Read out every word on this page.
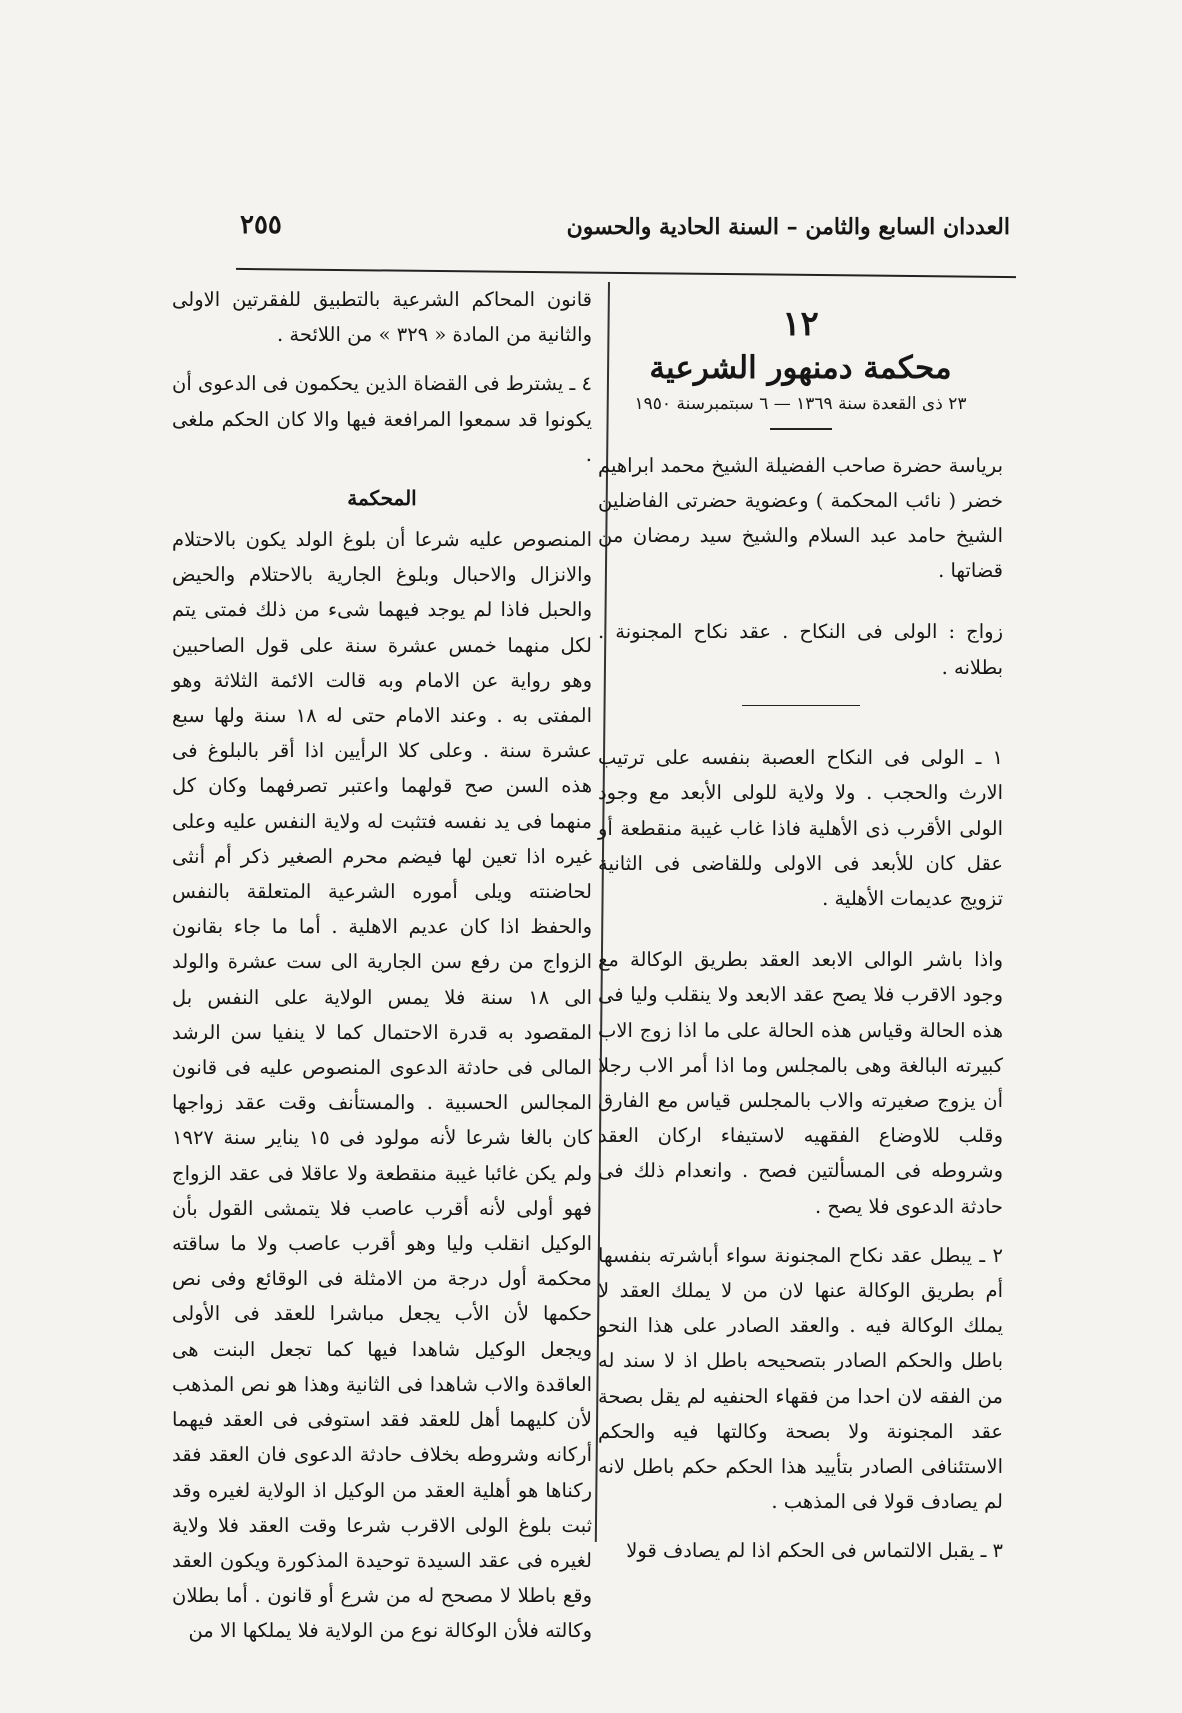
العددان السابع والثامن – السنة الحادية والحسون
٢٥٥
١٢
محكمة دمنهور الشرعية
٢٣ ذى القعدة سنة ١٣٦٩ — ٦ سبتمبرسنة ١٩٥٠

برياسة حضرة صاحب الفضيلة الشيخ محمد ابراهيم خضر ( نائب المحكمة ) وعضوية حضرتى الفاضلين الشيخ حامد عبد السلام والشيخ سيد رمضان من قضاتها .

زواج : الولى فى النكاح . عقد نكاح المجنونة . بطلانه .

١ ـ الولى فى النكاح العصبة بنفسه على ترتيب الارث والحجب . ولا ولاية للولى الأبعد مع وجود الولى الأقرب ذى الأهلية فاذا غاب غيبة منقطعة أو عقل كان للأبعد فى الاولى وللقاضى فى الثانية تزويج عديمات الأهلية .

واذا باشر الوالى الابعد العقد بطريق الوكالة مع وجود الاقرب فلا يصح عقد الابعد ولا ينقلب وليا فى هذه الحالة وقياس هذه الحالة على ما اذا زوج الاب كبيرته البالغة وهى بالمجلس وما اذا أمر الاب رجلا أن يزوج صغيرته والاب بالمجلس قياس مع الفارق وقلب للاوضاع الفقهيه لاستيفاء اركان العقد وشروطه فى المسألتين فصح . وانعدام ذلك فى حادثة الدعوى فلا يصح .

٢ ـ يبطل عقد نكاح المجنونة سواء أباشرته بنفسها أم بطريق الوكالة عنها لان من لا يملك العقد لا يملك الوكالة فيه . والعقد الصادر على هذا النحو باطل والحكم الصادر بتصحيحه باطل اذ لا سند له من الفقه لان احدا من فقهاء الحنفيه لم يقل بصحة عقد المجنونة ولا بصحة وكالتها فيه والحكم الاستئنافى الصادر بتأييد هذا الحكم حكم باطل لانه لم يصادف قولا فى المذهب .

٣ ـ يقبل الالتماس فى الحكم اذا لم يصادف قولا

قانون المحاكم الشرعية بالتطبيق للفقرتين الاولى والثانية من المادة « ٣٢٩ » من اللائحة .

٤ ـ يشترط فى القضاة الذين يحكمون فى الدعوى أن يكونوا قد سمعوا المرافعة فيها والا كان الحكم ملغى .

المحكمة

المنصوص عليه شرعا أن بلوغ الولد يكون بالاحتلام والانزال والاحبال وبلوغ الجارية بالاحتلام والحيض والحبل فاذا لم يوجد فيهما شىء من ذلك فمتى يتم لكل منهما خمس عشرة سنة على قول الصاحبين وهو رواية عن الامام وبه قالت الائمة الثلاثة وهو المفتى به . وعند الامام حتى له ١٨ سنة ولها سبع عشرة سنة . وعلى كلا الرأيين اذا أقر بالبلوغ فى هذه السن صح قولهما واعتبر تصرفهما وكان كل منهما فى يد نفسه فتثبت له ولاية النفس عليه وعلى غيره اذا تعين لها فيضم محرم الصغير ذكر أم أنثى لحاضنته ويلى أموره الشرعية المتعلقة بالنفس والحفظ اذا كان عديم الاهلية . أما ما جاء بقانون الزواج من رفع سن الجارية الى ست عشرة والولد الى ١٨ سنة فلا يمس الولاية على النفس بل المقصود به قدرة الاحتمال كما لا ينفيا سن الرشد المالى فى حادثة الدعوى المنصوص عليه فى قانون المجالس الحسبية . والمستأنف وقت عقد زواجها كان بالغا شرعا لأنه مولود فى ١٥ يناير سنة ١٩٢٧ ولم يكن غائبا غيبة منقطعة ولا عاقلا فى عقد الزواج فهو أولى لأنه أقرب عاصب فلا يتمشى القول بأن الوكيل انقلب وليا وهو أقرب عاصب ولا ما ساقته محكمة أول درجة من الامثلة فى الوقائع وفى نص حكمها لأن الأب يجعل مباشرا للعقد فى الأولى ويجعل الوكيل شاهدا فيها كما تجعل البنت هى العاقدة والاب شاهدا فى الثانية وهذا هو نص المذهب لأن كليهما أهل للعقد فقد استوفى فى العقد فيهما أركانه وشروطه بخلاف حادثة الدعوى فان العقد فقد ركناها هو أهلية العقد من الوكيل اذ الولاية لغيره وقد ثبت بلوغ الولى الاقرب شرعا وقت العقد فلا ولاية لغيره فى عقد السيدة توحيدة المذكورة ويكون العقد وقع باطلا لا مصحح له من شرع أو قانون . أما بطلان وكالته فلأن الوكالة نوع من الولاية فلا يملكها الا من
